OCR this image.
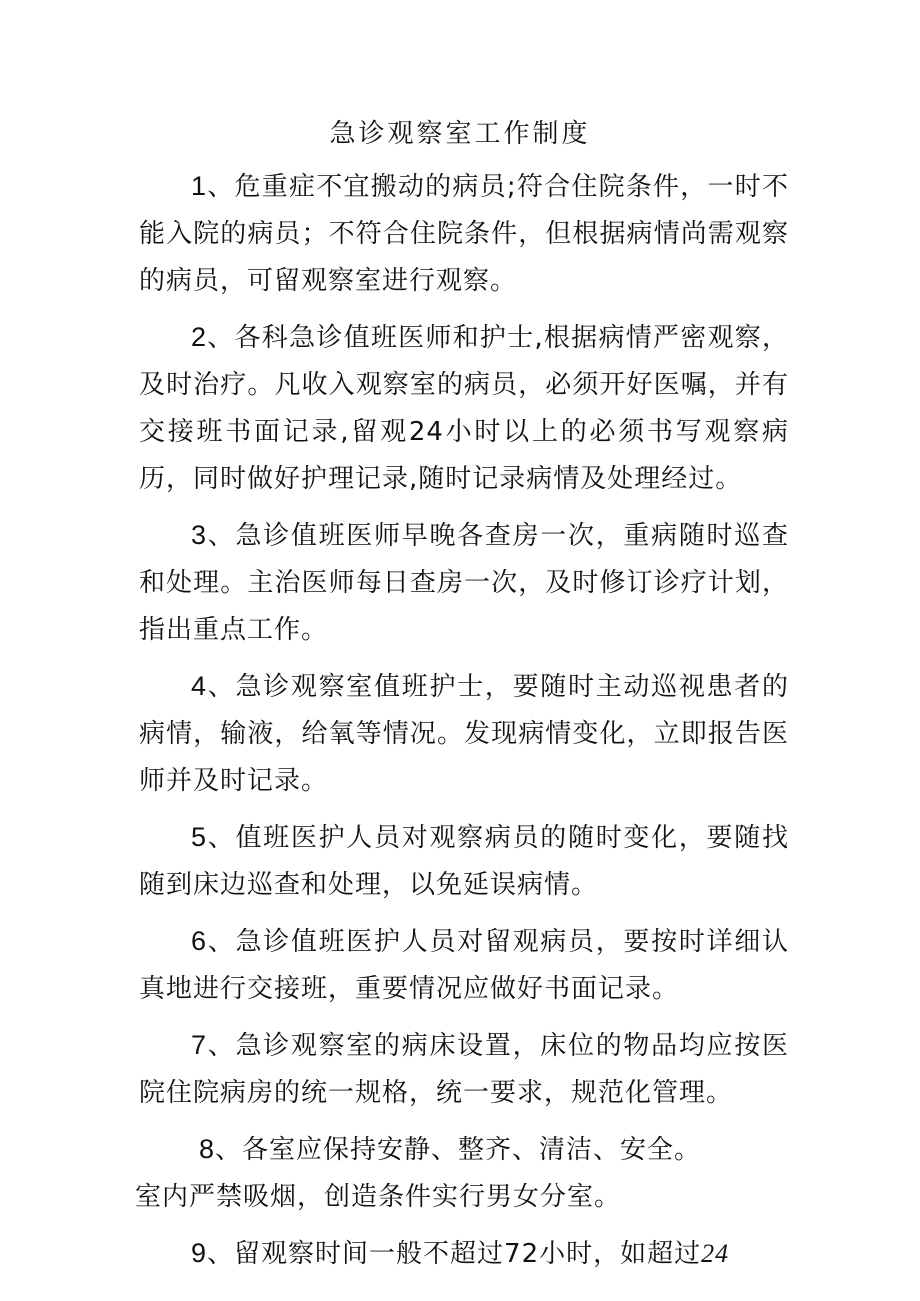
急诊观察室工作制度

1、危重症不宜搬动的病员;符合住院条件，一时不能入院的病员；不符合住院条件，但根据病情尚需观察的病员，可留观察室进行观察。

2、各科急诊值班医师和护士,根据病情严密观察，及时治疗。凡收入观察室的病员，必须开好医嘱，并有交接班书面记录,留观24小时以上的必须书写观察病历，同时做好护理记录,随时记录病情及处理经过。

3、急诊值班医师早晚各查房一次，重病随时巡查和处理。主治医师每日查房一次，及时修订诊疗计划，指出重点工作。

4、急诊观察室值班护士，要随时主动巡视患者的病情，输液，给氧等情况。发现病情变化，立即报告医师并及时记录。

5、值班医护人员对观察病员的随时变化，要随找随到床边巡查和处理，以免延误病情。

6、急诊值班医护人员对留观病员，要按时详细认真地进行交接班，重要情况应做好书面记录。

7、急诊观察室的病床设置，床位的物品均应按医院住院病房的统一规格，统一要求，规范化管理。

8、各室应保持安静、整齐、清洁、安全。

室内严禁吸烟，创造条件实行男女分室。

9、留观察时间一般不超过72小时，如超过24
